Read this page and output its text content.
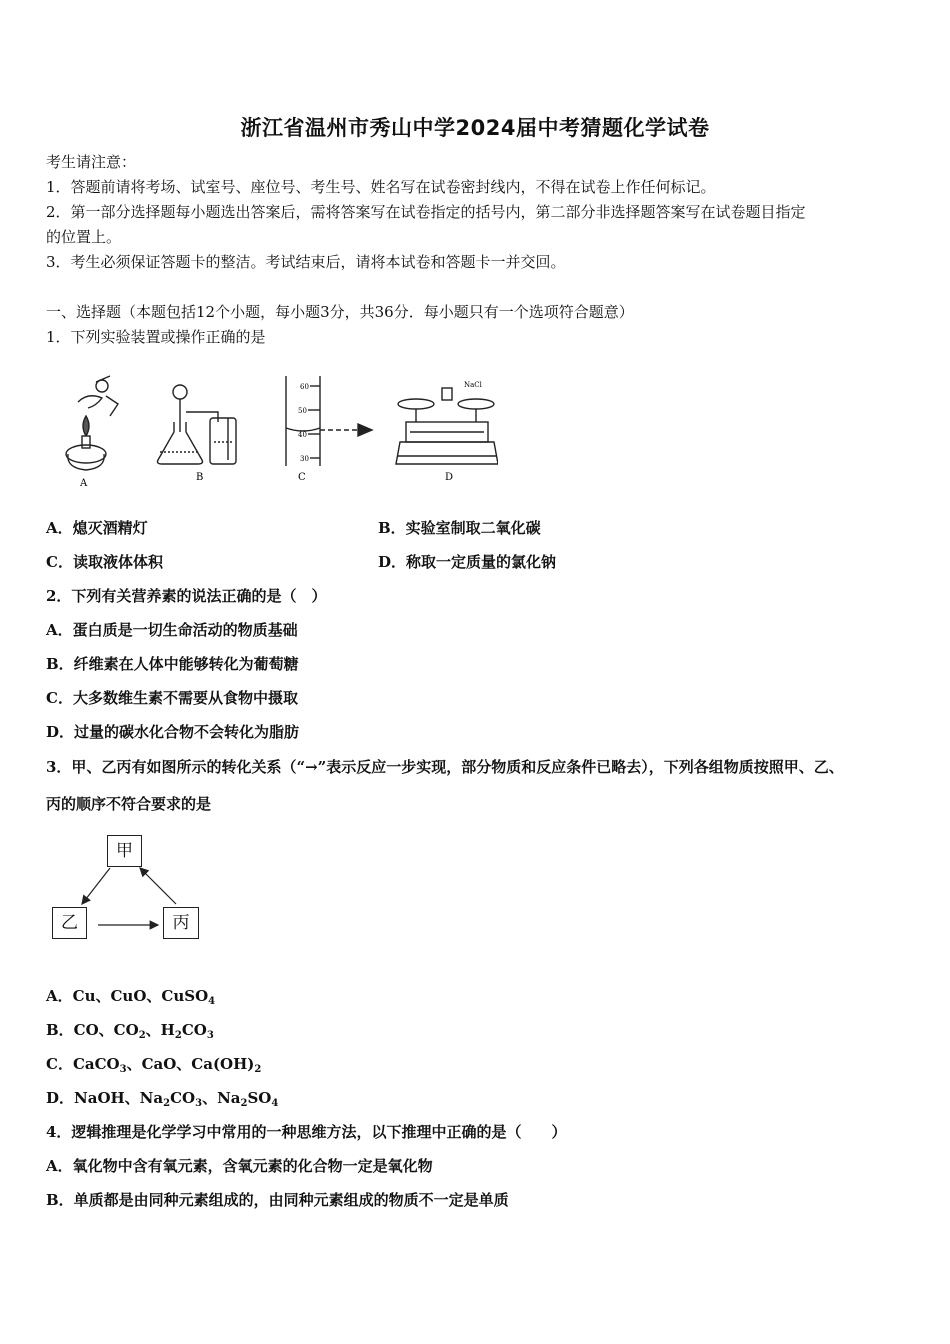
浙江省温州市秀山中学2024届中考猜题化学试卷
考生请注意：
1．答题前请将考场、试室号、座位号、考生号、姓名写在试卷密封线内，不得在试卷上作任何标记。
2．第一部分选择题每小题选出答案后，需将答案写在试卷指定的括号内，第二部分非选择题答案写在试卷题目指定
的位置上。
3．考生必须保证答题卡的整洁。考试结束后，请将本试卷和答题卡一并交回。
一、选择题（本题包括12个小题，每小题3分，共36分．每小题只有一个选项符合题意）
1．下列实验装置或操作正确的是
A
B
60
50
40
30
C
NaCl
D
A．熄灭酒精灯	B．实验室制取二氧化碳
C．读取液体体积	D．称取一定质量的氯化钠
2．下列有关营养素的说法正确的是（　）
A．蛋白质是一切生命活动的物质基础
B．纤维素在人体中能够转化为葡萄糖
C．大多数维生素不需要从食物中摄取
D．过量的碳水化合物不会转化为脂肪
3．甲、乙丙有如图所示的转化关系（“→”表示反应一步实现，部分物质和反应条件已略去），下列各组物质按照甲、乙、
丙的顺序不符合要求的是
甲
乙	丙
A．Cu、CuO、CuSO$_4$
B．CO、$CO_2$、$H_2CO_3$
C．CaCO$_3$、CaO、$Ca(OH)_2$
D．NaOH、$Na_2CO_3$、$Na_2SO_4$
4．逻辑推理是化学学习中常用的一种思维方法，以下推理中正确的是（　　）
A．氧化物中含有氧元素，含氧元素的化合物一定是氧化物
B．单质都是由同种元素组成的，由同种元素组成的物质不一定是单质
